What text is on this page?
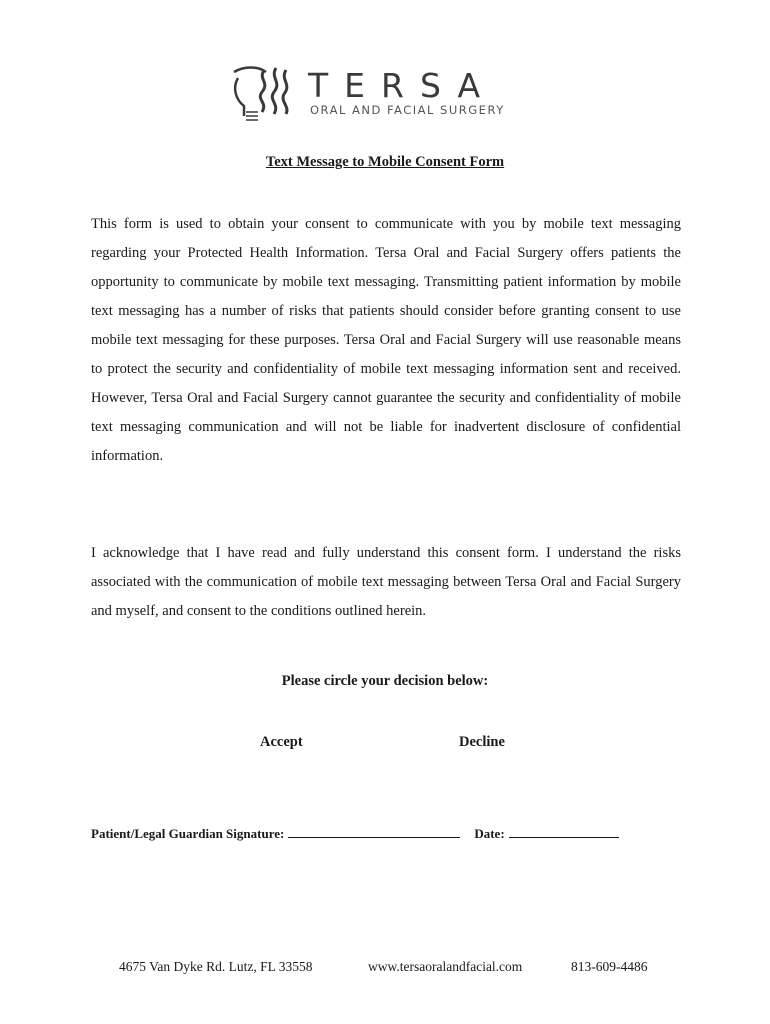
TERSA
ORAL AND FACIAL SURGERY
Text Message to Mobile Consent Form
This form is used to obtain your consent to communicate with you by mobile text messaging regarding your Protected Health Information. Tersa Oral and Facial Surgery offers patients the opportunity to communicate by mobile text messaging. Transmitting patient information by mobile text messaging has a number of risks that patients should consider before granting consent to use mobile text messaging for these purposes. Tersa Oral and Facial Surgery will use reasonable means to protect the security and confidentiality of mobile text messaging information sent and received. However, Tersa Oral and Facial Surgery cannot guarantee the security and confidentiality of mobile text messaging communication and will not be liable for inadvertent disclosure of confidential information.
I acknowledge that I have read and fully understand this consent form. I understand the risks associated with the communication of mobile text messaging between Tersa Oral and Facial Surgery and myself, and consent to the conditions outlined herein.
Please circle your decision below:
Accept	Decline
Patient/Legal Guardian Signature:	Date:
4675 Van Dyke Rd. Lutz, FL 33558	www.tersaoralandfacial.com	813-609-4486
